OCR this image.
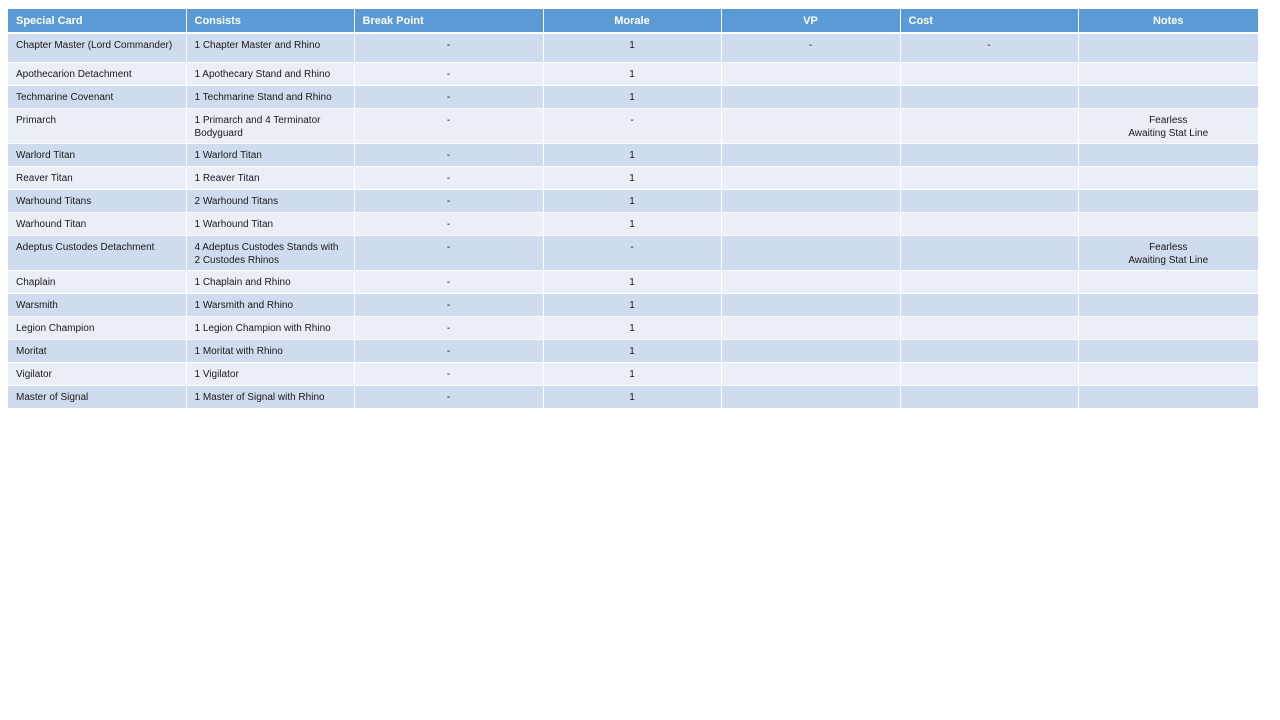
Special Card	Consists	Break Point	Morale	VP	Cost	Notes
Chapter Master (Lord Commander)	1 Chapter Master and Rhino	-	1	-	-	

Apothecarion Detachment	1 Apothecary Stand and Rhino	-	1			

Techmarine Covenant	1 Techmarine Stand and Rhino	-	1			

Primarch	1 Primarch and 4 Terminator Bodyguard	-	-			Fearless
Awaiting Stat Line

Warlord Titan	1 Warlord Titan	-	1			

Reaver Titan	1 Reaver Titan	-	1			

Warhound Titans	2 Warhound Titans	-	1			

Warhound Titan	1 Warhound Titan	-	1			

Adeptus Custodes Detachment	4 Adeptus Custodes Stands with 2 Custodes Rhinos	-	-			Fearless
Awaiting Stat Line

Chaplain	1 Chaplain and Rhino	-	1			

Warsmith	1 Warsmith and Rhino	-	1			

Legion Champion	1 Legion Champion with Rhino	-	1			

Moritat	1 Moritat with Rhino	-	1			

Vigilator	1 Vigilator	-	1			

Master of Signal	1 Master of Signal with Rhino	-	1			
